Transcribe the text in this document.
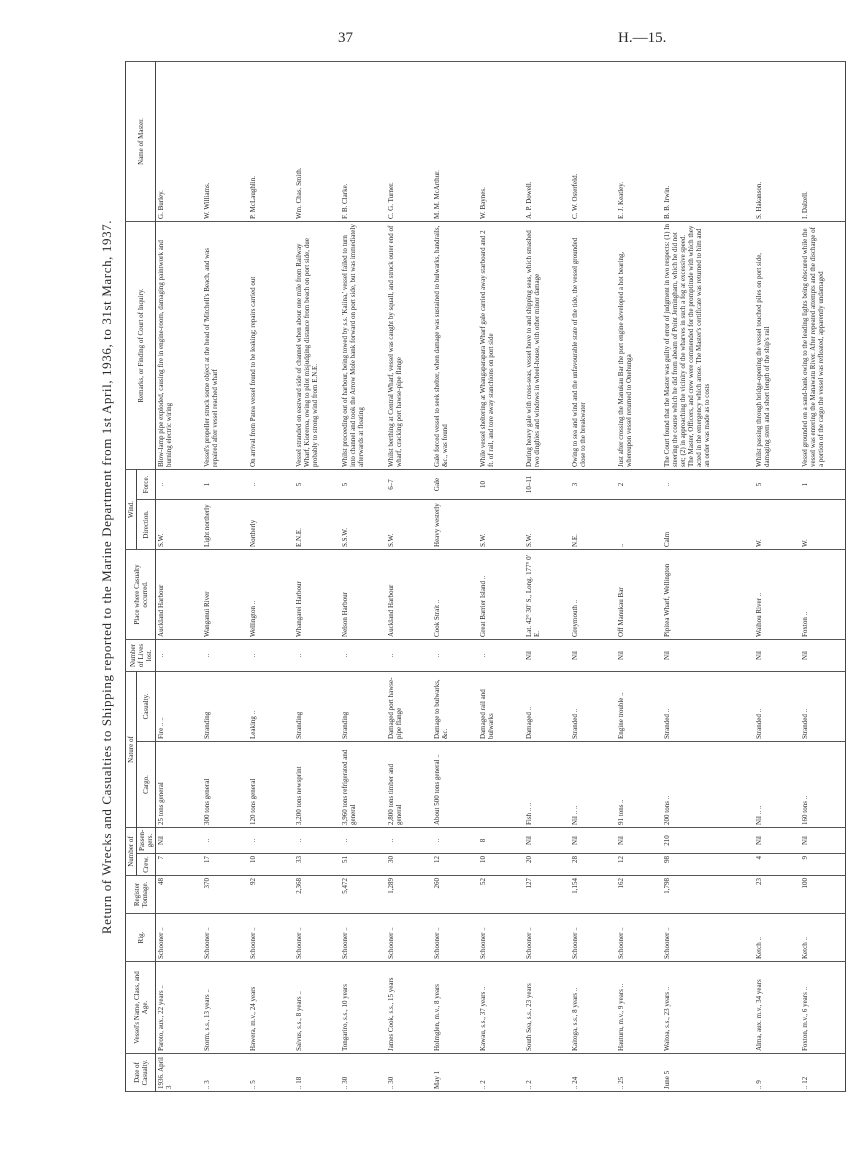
37	H.—15.
Return of Wrecks and Casualties to Shipping reported to the Marine Department from 1st April, 1936, to 31st March, 1937.
Date of Casualty.	Vessel's Name, Class, and Age.	Rig.	Register Tonnage.	Number of		Nature of		Number of Lives lost.	Place where Casualty occurred.	Wind.		Remarks, or Finding of Court of Inquiry.	Name of Master.
				Crew.	Passen-gers.	Cargo.	Casualty.			Direction.	Force.		
1936. April 3	Paroto, aux., 22 years ..	Schooner ..	48	7	Nil	25 tons general	Fire .. ..	..	Auckland Harbour	S.W.	..	Blow-lamp pipe exploded, causing fire in engine-room, damaging paintwork and burning electric wiring	G. Burley.
.. 3	Storm, s.s., 13 years ..	Schooner ..	370	17	..	300 tons general	Stranding	..	Wanganui River	Light northerly	1	Vessel's propeller struck some object at the head of 'Mitchell's Beach, and was repaired after vessel reached wharf	W. Williams.
.. 5	Hawera, m.v., 24 years	Schooner ..	92	10	..	120 tons general	Leaking ..	..	Wellington ..	Northerly	..	On arrival from Patea vessel found to be leaking; repairs carried out	P. McLaughlin.
.. 18	Saivus, s.s., 8 years ..	Schooner ..	2,368	33	..	3,200 tons newsprint	Stranding	..	Whangarei Harbour	E.N.E.	5	Vessel stranded on eastward side of channel when about one mile from Railway Wharf, Kioreroa, owing to pilot misjudging distance from beach on port side, due probably to strong wind from E.N.E.	Wm. Chas. Smith.
.. 30	Tongariro, s.s., 10 years	Schooner ..	5,472	51	..	3,960 tons refrigerated and general	Stranding	..	Nelson Harbour	S.S.W.	5	Whilst proceeding out of harbour, being towed by s.s. 'Kaiina,' vessel failed to turn into channel and took the Arrow Mole bank forward on port side, but was immediately afterwards at floating	F. B. Clarke.
.. 30	James Cook, s.s., 15 years	Schooner ..	1,289	30	..	2,800 tons timber and general	Damaged port hawse-pipe flange	..	Auckland Harbour	S.W.	6–7	Whilst berthing at Central Wharf, vessel was caught by squall, and struck outer end of wharf, cracking port hawse-pipe flange	C. G. Turner.
May 1	Holmglen, m.v., 8 years	Schooner ..	260	12	..	About 500 tons general ..	Damage to bulwarks, &c.	..	Cook Strait ..	Heavy westerly	Gale	Gale forced vessel to seek shelter, when damage was sustained to bulwarks, handrails, &c., was found	M. M. McArthur.
.. 2	Kawau, s.s., 37 years ..	Schooner ..	52	10	8		Damaged rail and bulwarks	..	Great Barrier Island ..	S.W.	10	While vessel sheltering at Whangaparapara Wharf gale carried away starboard and 2 ft. of rail, and tore away stanchions on port side	W. Baynes.
.. 2	South Sea, s.s., 23 years	Schooner ..	127	20	Nil	Fish .. ..	Damaged ..	Nil	Lat. 42° 30′ S., Long. 177° 0′ E.	S.W.	10–11	During heavy gale with cross-seas, vessel hove to and shipping seas, which smashed two dinghies and windows in wheel-house, with other minor damage	A. P. Dowell.
.. 24	Kaitoga, s.s., 8 years ..	Schooner ..	1,154	28	Nil	Nil .. ..	Stranded ..	Nil	Greymouth ..	N.E.	3	Owing to sea and wind and the unfavourable state of the tide, the vessel grounded close to the breakwater	C. W. Osterfeld.
.. 25	Hauturu, m.v., 9 years ..	Schooner ..	162	12	Nil	91 tons ..	Engine trouble ..	Nil	Off Manukau Bar	..	2	Just after crossing the Manukau Bar the port engine developed a hot bearing, whereupon vessel returned to Onehunga	E. J. Keatley.
June 5	Waitoa, s.s., 23 years ..	Schooner ..	1,798	98	210	200 tons ..	Stranded ..	Nil	Pipitea Wharf, Wellington	Calm	..	The Court found that the Master was guilty of error of judgment in two respects: (1) In steering the course which he did from abeam of Point Jerningham, which he did not set; (2) in approaching the vicinity of the wharves in such a fog at excessive speed. The Master, Officers, and crew were commended for the promptitude with which they acted in the emergency which arose. The Master's certificate was returned to him and an order was made as to costs	B. B. Irwin.
.. 9	Alma, aux. m.v., 34 years	Ketch ..	23	4	Nil	Nil .. ..	Stranded ..	Nil	Waihou River ..	W.	5	Whilst passing through bridge-opening the vessel touched piles on port side, damaging stem and a short length of the ship's rail	S. Hakanson.
.. 12	Foxton, m.v., 6 years ..	Ketch ..	100	9	Nil	160 tons ..	Stranded ..	Nil	Foxton ..	W.	1	Vessel grounded on a sand-bank owing to the leading lights being obscured while the vessel was entering the Manawatu River. After repeated attempts and the discharge of a portion of the cargo the vessel was refloated, apparently undamaged	I. Dalzell.
